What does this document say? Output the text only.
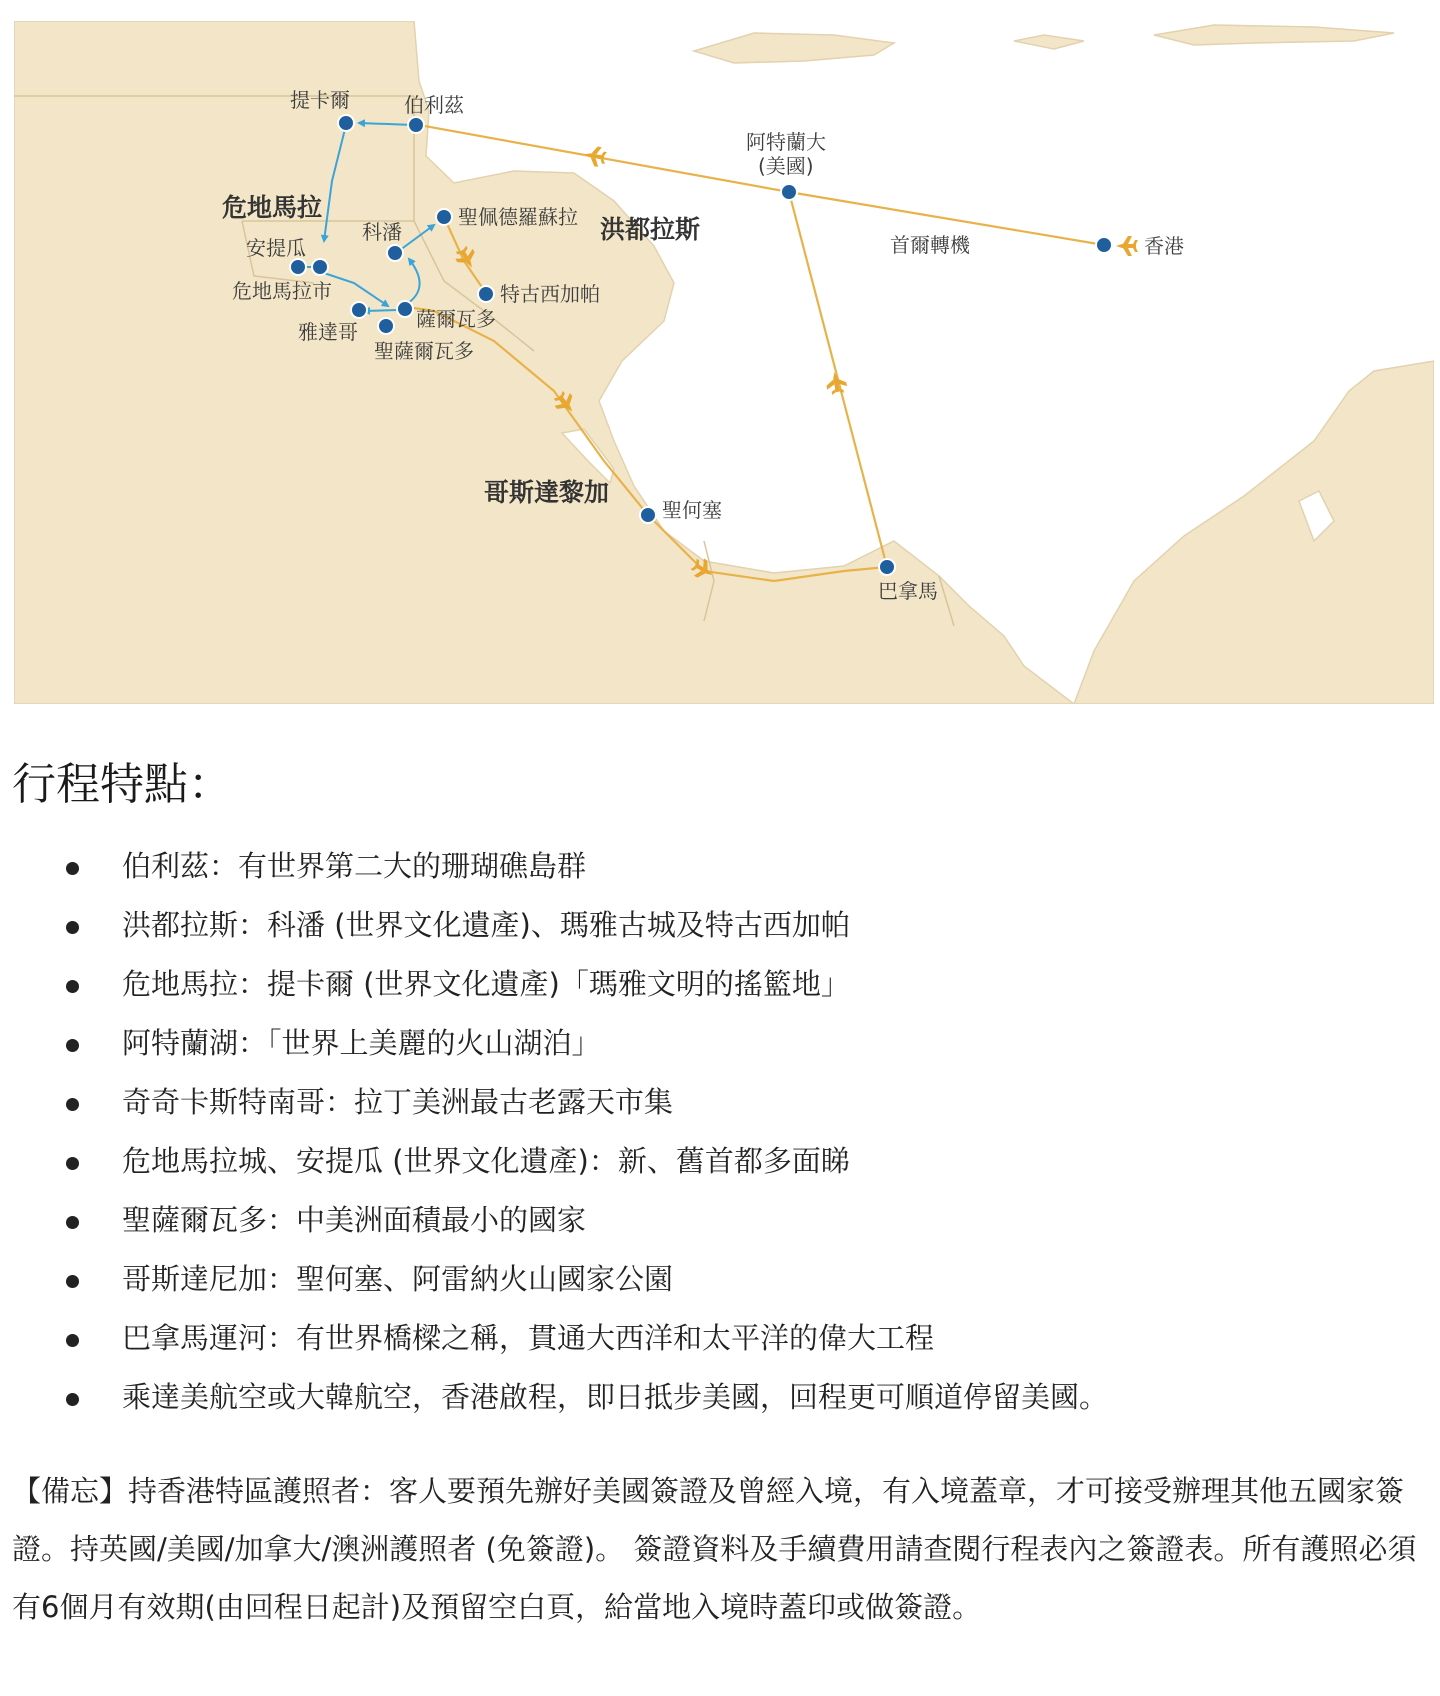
危地馬拉
洪都拉斯
哥斯達黎加
提卡爾	伯利茲
科潘
聖佩德羅蘇拉
特古西加帕
安提瓜
危地馬拉市
薩爾瓦多
雅達哥
聖薩爾瓦多
阿特蘭大
(美國)
首爾轉機	香港
聖何塞
巴拿馬
行程特點：
伯利茲：有世界第二大的珊瑚礁島群
洪都拉斯：科潘 (世界文化遺產)、瑪雅古城及特古西加帕
危地馬拉：提卡爾 (世界文化遺產)「瑪雅文明的搖籃地」
阿特蘭湖：「世界上美麗的火山湖泊」
奇奇卡斯特南哥：拉丁美洲最古老露天市集
危地馬拉城、安提瓜 (世界文化遺產)：新、舊首都多面睇
聖薩爾瓦多：中美洲面積最小的國家
哥斯達尼加：聖何塞、阿雷納火山國家公園
巴拿馬運河：有世界橋樑之稱，貫通大西洋和太平洋的偉大工程
乘達美航空或大韓航空，香港啟程，即日抵步美國，回程更可順道停留美國。

【備忘】持香港特區護照者：客人要預先辦好美國簽證及曾經入境，有入境蓋章，才可接受辦理其他五國家簽證。持英國/美國/加拿大/澳洲護照者 (免簽證)。 簽證資料及手續費用請查閱行程表內之簽證表。所有護照必須有6個月有效期(由回程日起計)及預留空白頁，給當地入境時蓋印或做簽證。
